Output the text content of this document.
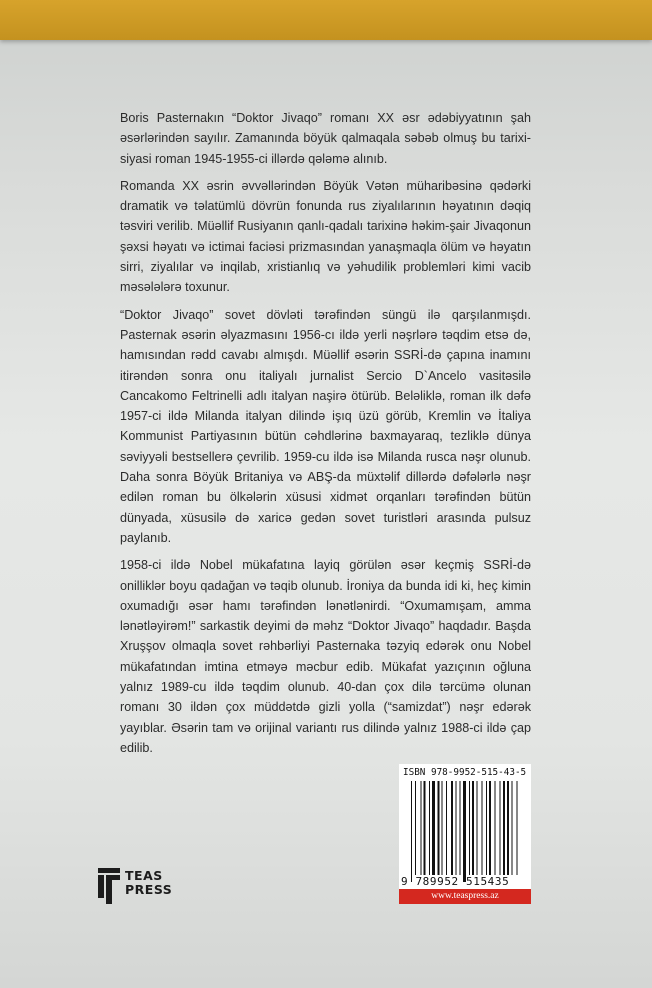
Boris Pasternakın “Doktor Jivaqo” romanı XX əsr ədəbiyyatının şah əsərlərindən sayılır. Zamanında böyük qalmaqala səbəb olmuş bu tarixi-siyasi roman 1945-1955-ci illərdə qələmə alınıb.

Romanda XX əsrin əvvəllərindən Böyük Vətən müharibəsinə qədərki dramatik və təlatümlü dövrün fonunda rus ziyalılarının həyatının dəqiq təsviri verilib. Müəllif Rusiyanın qanlı-qadalı tarixinə həkim-şair Jivaqonun şəxsi həyatı və ictimai faciəsi prizmasından yanaşmaqla ölüm və həyatın sirri, ziyalılar və inqilab, xristianlıq və yəhudilik problemləri kimi vacib məsələlərə toxunur.

“Doktor Jivaqo” sovet dövləti tərəfindən süngü ilə qarşılanmışdı. Pasternak əsərin əlyazmasını 1956-cı ildə yerli nəşrlərə təqdim etsə də, hamısından rədd cavabı almışdı. Müəllif əsərin SSRİ-də çapına inamını itirəndən sonra onu italiyalı jurnalist Sercio D`Ancelo vasitəsilə Cancakomo Feltrinelli adlı italyan naşirə ötürüb. Beləliklə, roman ilk dəfə 1957-ci ildə Milanda italyan dilində işıq üzü görüb, Kremlin və İtaliya Kommunist Partiyasının bütün cəhdlərinə baxmayaraq, tezliklə dünya səviyyəli bestsellerə çevrilib. 1959-cu ildə isə Milanda rusca nəşr olunub. Daha sonra Böyük Britaniya və ABŞ-da müxtəlif dillərdə dəfələrlə nəşr edilən roman bu ölkələrin xüsusi xidmət orqanları tərəfindən bütün dünyada, xüsusilə də xaricə gedən sovet turistləri arasında pulsuz paylanıb.

1958-ci ildə Nobel mükafatına layiq görülən əsər keçmiş SSRİ-də onilliklər boyu qadağan və təqib olunub. İroniya da bunda idi ki, heç kimin oxumadığı əsər hamı tərəfindən lənətlənirdi. “Oxumamışam, amma lənətləyirəm!” sarkastik deyimi də məhz “Doktor Jivaqo” haqdadır. Başda Xruşşov olmaqla sovet rəhbərliyi Pasternaka təzyiq edərək onu Nobel mükafatından imtina etməyə məcbur edib. Mükafat yazıçının oğluna yalnız 1989-cu ildə təqdim olunub. 40-dan çox dilə tərcümə olunan romanı 30 ildən çox müddətdə gizli yolla (“samizdat”) nəşr edərək yayıblar. Əsərin tam və orijinal variantı rus dilində yalnız 1988-ci ildə çap edilib.

TEAS
PRESS
ISBN 978-9952-515-43-5
9 789952 515435
www.teaspress.az
